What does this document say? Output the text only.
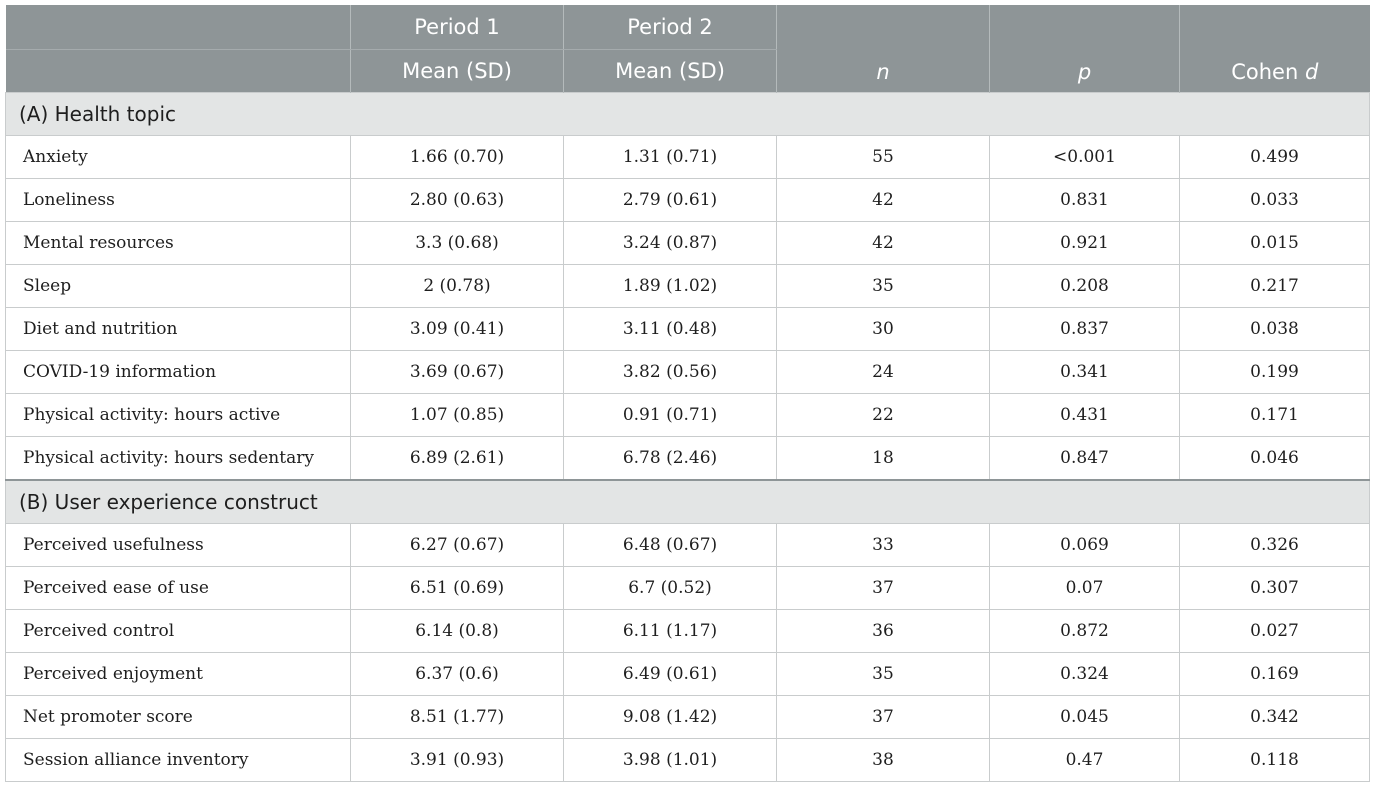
	Period 1	Period 2	n	p	Cohen d
	Mean (SD)	Mean (SD)			
(A) Health topic					
Anxiety	1.66 (0.70)	1.31 (0.71)	55	<0.001	0.499
Loneliness	2.80 (0.63)	2.79 (0.61)	42	0.831	0.033
Mental resources	3.3 (0.68)	3.24 (0.87)	42	0.921	0.015
Sleep	2 (0.78)	1.89 (1.02)	35	0.208	0.217
Diet and nutrition	3.09 (0.41)	3.11 (0.48)	30	0.837	0.038
COVID-19 information	3.69 (0.67)	3.82 (0.56)	24	0.341	0.199
Physical activity: hours active	1.07 (0.85)	0.91 (0.71)	22	0.431	0.171
Physical activity: hours sedentary	6.89 (2.61)	6.78 (2.46)	18	0.847	0.046
(B) User experience construct					
Perceived usefulness	6.27 (0.67)	6.48 (0.67)	33	0.069	0.326
Perceived ease of use	6.51 (0.69)	6.7 (0.52)	37	0.07	0.307
Perceived control	6.14 (0.8)	6.11 (1.17)	36	0.872	0.027
Perceived enjoyment	6.37 (0.6)	6.49 (0.61)	35	0.324	0.169
Net promoter score	8.51 (1.77)	9.08 (1.42)	37	0.045	0.342
Session alliance inventory	3.91 (0.93)	3.98 (1.01)	38	0.47	0.118
